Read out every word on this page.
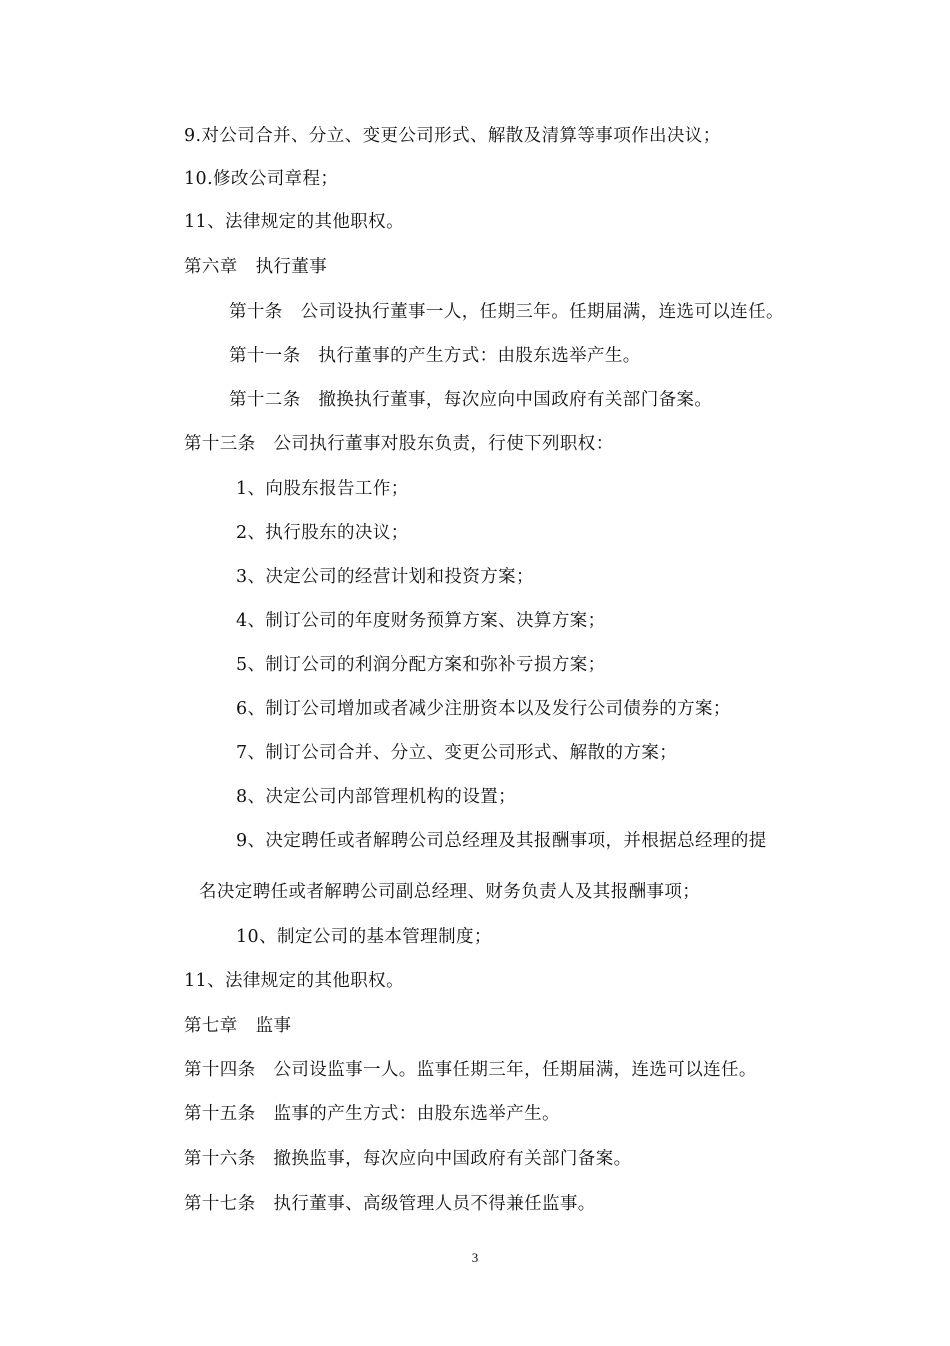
9.对公司合并、分立、变更公司形式、解散及清算等事项作出决议；
10.修改公司章程；
11、法律规定的其他职权。
第六章　执行董事
第十条　公司设执行董事一人，任期三年。任期届满，连选可以连任。
第十一条　执行董事的产生方式：由股东选举产生。
第十二条　撤换执行董事，每次应向中国政府有关部门备案。
第十三条　公司执行董事对股东负责，行使下列职权：
1、向股东报告工作；
2、执行股东的决议；
3、决定公司的经营计划和投资方案；
4、制订公司的年度财务预算方案、决算方案；
5、制订公司的利润分配方案和弥补亏损方案；
6、制订公司增加或者减少注册资本以及发行公司债券的方案；
7、制订公司合并、分立、变更公司形式、解散的方案；
8、决定公司内部管理机构的设置；
9、决定聘任或者解聘公司总经理及其报酬事项，并根据总经理的提
名决定聘任或者解聘公司副总经理、财务负责人及其报酬事项；
10、制定公司的基本管理制度；
11、法律规定的其他职权。
第七章　监事
第十四条　公司设监事一人。监事任期三年，任期届满，连选可以连任。
第十五条　监事的产生方式：由股东选举产生。
第十六条　撤换监事，每次应向中国政府有关部门备案。
第十七条　执行董事、高级管理人员不得兼任监事。
3
